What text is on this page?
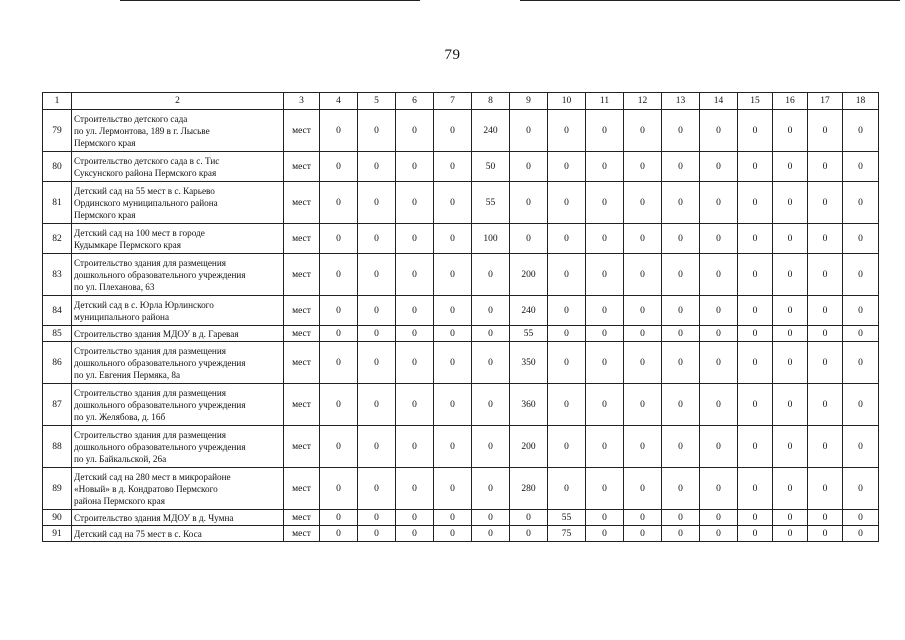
79
1	2	3	4	5	6	7	8	9	10	11	12	13	14	15	16	17	18
79	Строительство детского сада
по ул. Лермонтова, 189 в г. Лысьве
Пермского края	мест	0	0	0	0	240	0	0	0	0	0	0	0	0	0	0
80	Строительство детского сада в с. Тис
Суксунского района Пермского края	мест	0	0	0	0	50	0	0	0	0	0	0	0	0	0	0
81	Детский сад на 55 мест в с. Карьево
Ординского муниципального района
Пермского края	мест	0	0	0	0	55	0	0	0	0	0	0	0	0	0	0
82	Детский сад на 100 мест в городе
Кудымкаре Пермского края	мест	0	0	0	0	100	0	0	0	0	0	0	0	0	0	0
83	Строительство здания для размещения
дошкольного образовательного учреждения
по ул. Плеханова, 63	мест	0	0	0	0	0	200	0	0	0	0	0	0	0	0	0
84	Детский сад в с. Юрла Юрлинского
муниципального района	мест	0	0	0	0	0	240	0	0	0	0	0	0	0	0	0
85	Строительство здания МДОУ в д. Гаревая	мест	0	0	0	0	0	55	0	0	0	0	0	0	0	0	0
86	Строительство здания для размещения
дошкольного образовательного учреждения
по ул. Евгения Пермяка, 8а	мест	0	0	0	0	0	350	0	0	0	0	0	0	0	0	0
87	Строительство здания для размещения
дошкольного образовательного учреждения
по ул. Желябова, д. 16б	мест	0	0	0	0	0	360	0	0	0	0	0	0	0	0	0
88	Строительство здания для размещения
дошкольного образовательного учреждения
по ул. Байкальской, 26а	мест	0	0	0	0	0	200	0	0	0	0	0	0	0	0	0
89	Детский сад на 280 мест в микрорайоне
«Новый» в д. Кондратово Пермского
района Пермского края	мест	0	0	0	0	0	280	0	0	0	0	0	0	0	0	0
90	Строительство здания МДОУ в д. Чумна	мест	0	0	0	0	0	0	55	0	0	0	0	0	0	0	0
91	Детский сад на 75 мест в с. Коса	мест	0	0	0	0	0	0	75	0	0	0	0	0	0	0	0
